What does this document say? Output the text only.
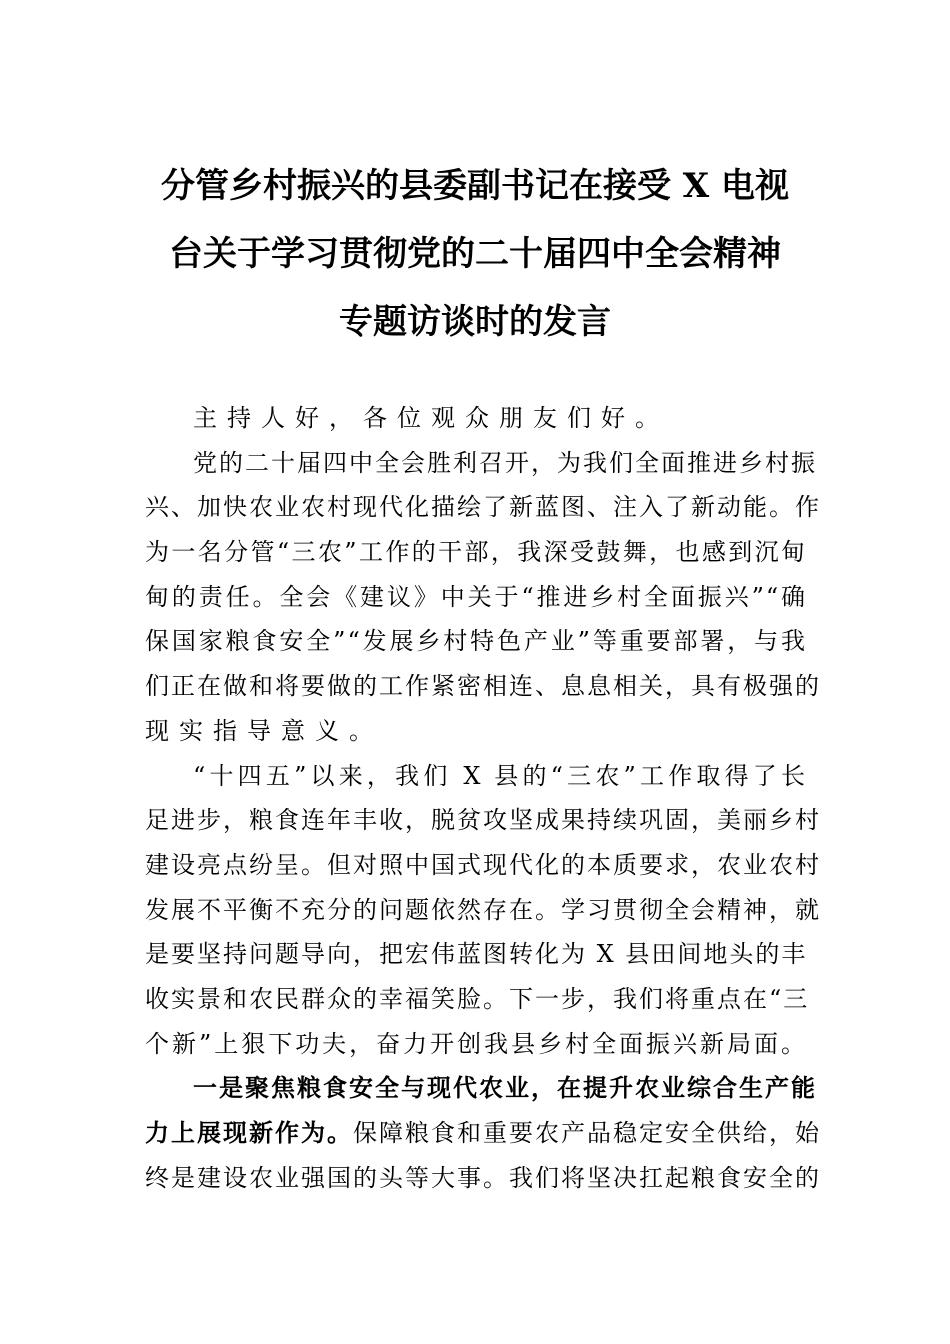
分管乡村振兴的县委副书记在接受 X 电视
台关于学习贯彻党的二十届四中全会精神
专题访谈时的发言
主持人好，各位观众朋友们好。
党的二十届四中全会胜利召开，为我们全面推进乡村振
兴、加快农业农村现代化描绘了新蓝图、注入了新动能。作
为一名分管“三农”工作的干部，我深受鼓舞，也感到沉甸
甸的责任。全会《建议》中关于“推进乡村全面振兴”“确
保国家粮食安全”“发展乡村特色产业”等重要部署，与我
们正在做和将要做的工作紧密相连、息息相关，具有极强的
现实指导意义。
“十四五”以来，我们 X 县的“三农”工作取得了长
足进步，粮食连年丰收，脱贫攻坚成果持续巩固，美丽乡村
建设亮点纷呈。但对照中国式现代化的本质要求，农业农村
发展不平衡不充分的问题依然存在。学习贯彻全会精神，就
是要坚持问题导向，把宏伟蓝图转化为 X 县田间地头的丰
收实景和农民群众的幸福笑脸。下一步，我们将重点在“三
个新”上狠下功夫，奋力开创我县乡村全面振兴新局面。
一是聚焦粮食安全与现代农业，在提升农业综合生产能
力上展现新作为。保障粮食和重要农产品稳定安全供给，始
终是建设农业强国的头等大事。我们将坚决扛起粮食安全的
